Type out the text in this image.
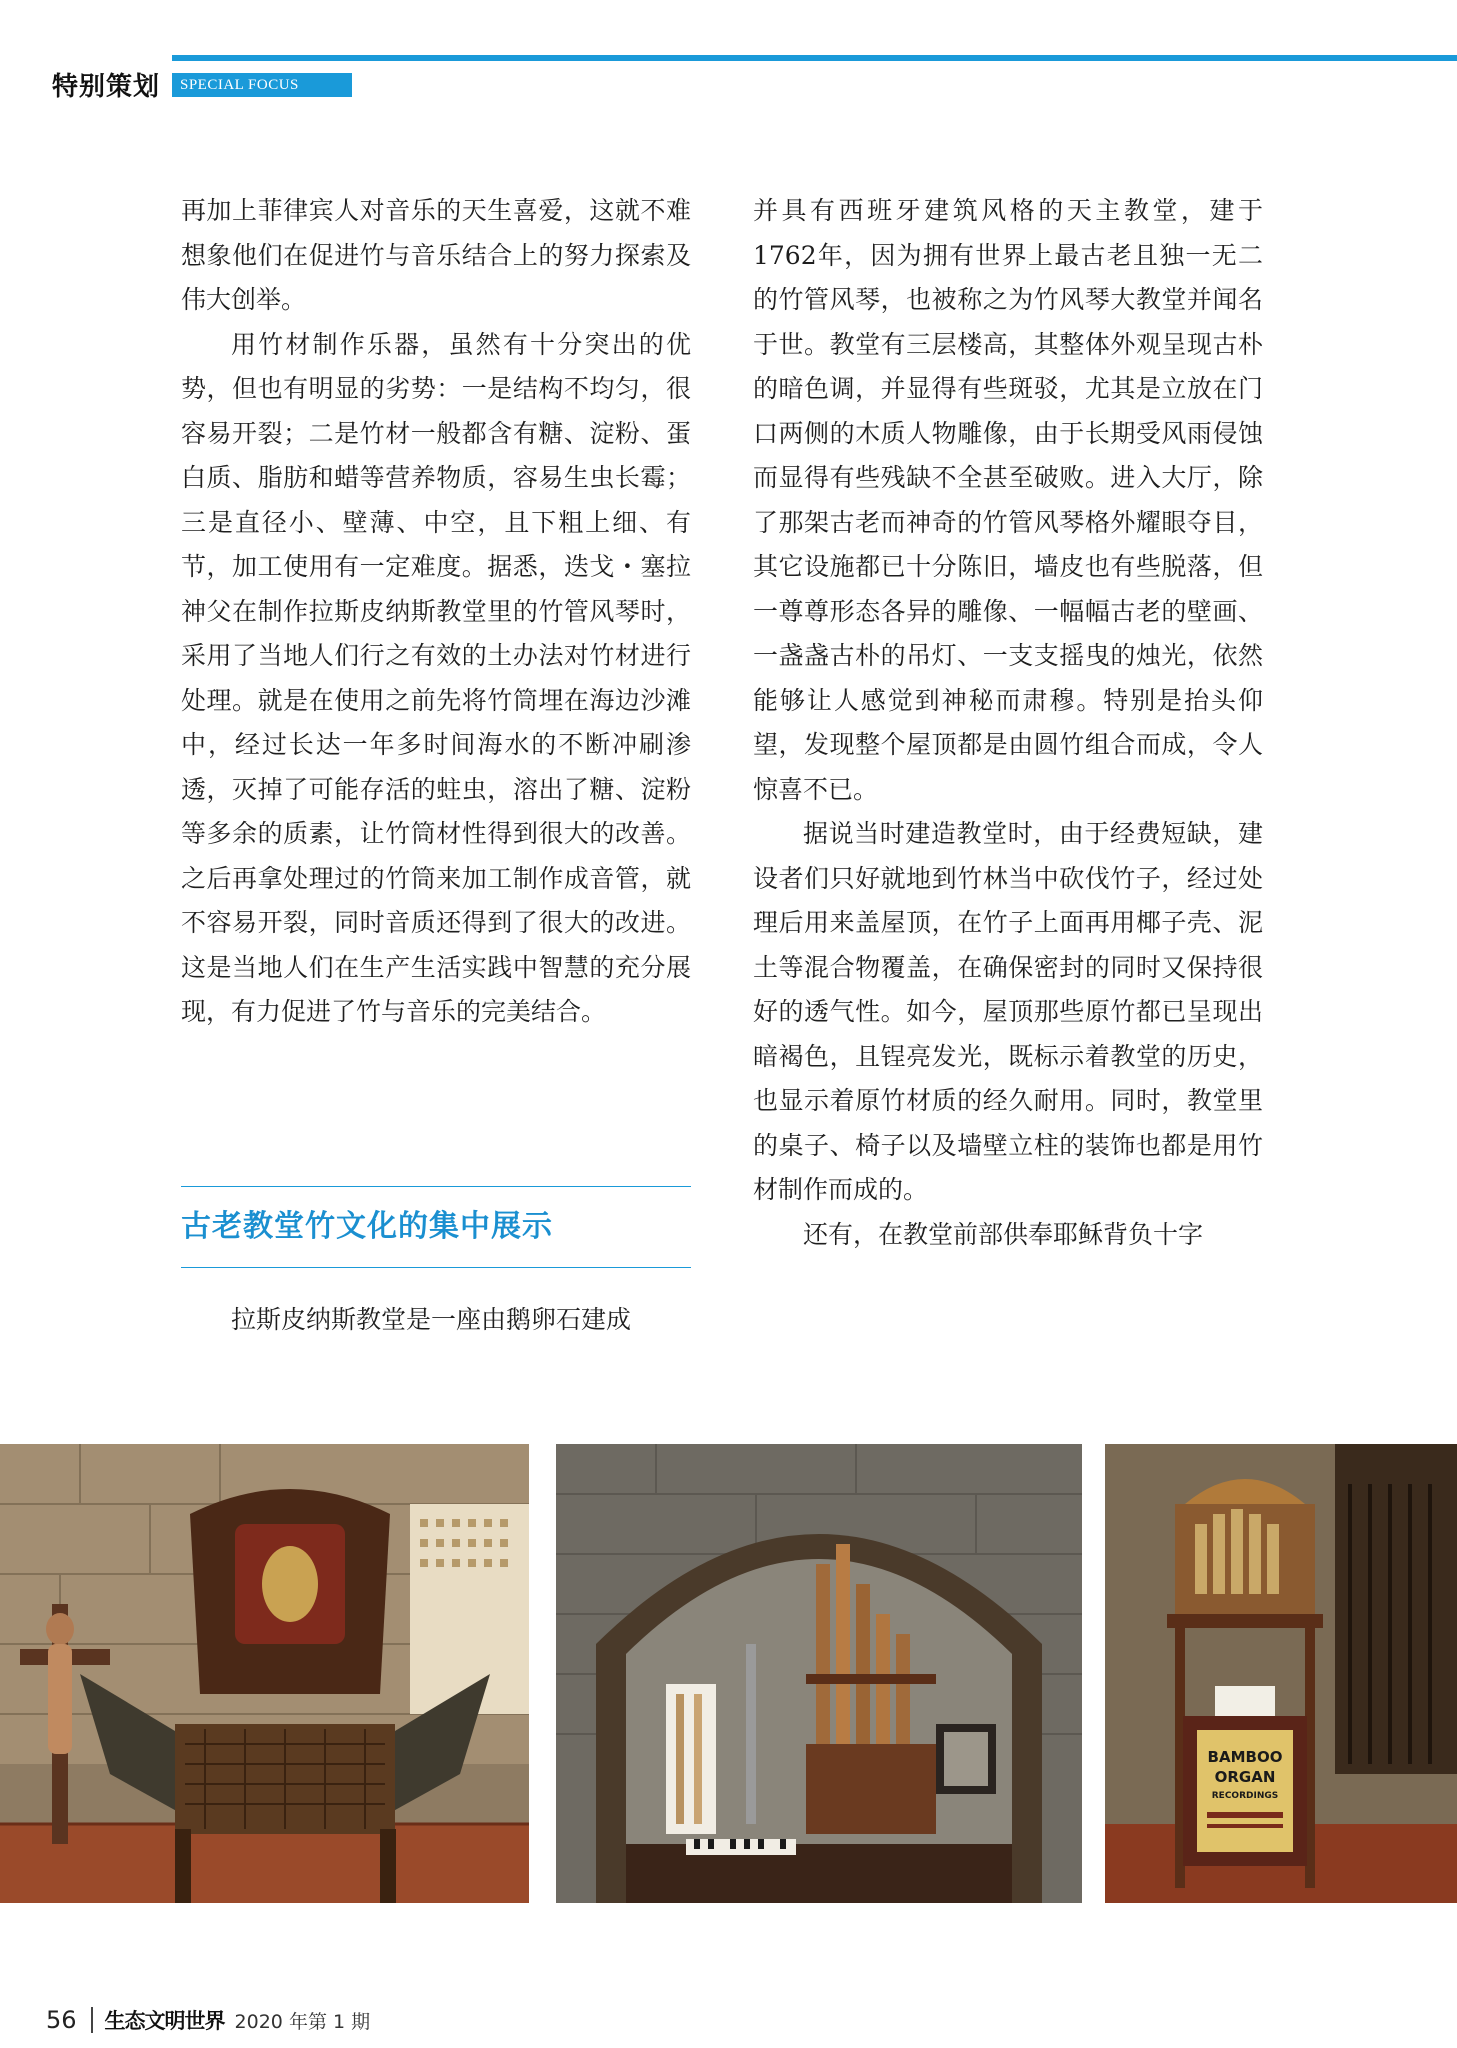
特别策划	SPECIAL FOCUS

再加上菲律宾人对音乐的天生喜爱，这就不难想象他们在促进竹与音乐结合上的努力探索及伟大创举。

用竹材制作乐器，虽然有十分突出的优势，但也有明显的劣势：一是结构不均匀，很容易开裂；二是竹材一般都含有糖、淀粉、蛋白质、脂肪和蜡等营养物质，容易生虫长霉；三是直径小、壁薄、中空，且下粗上细、有节，加工使用有一定难度。据悉，迭戈・塞拉神父在制作拉斯皮纳斯教堂里的竹管风琴时，采用了当地人们行之有效的土办法对竹材进行处理。就是在使用之前先将竹筒埋在海边沙滩中，经过长达一年多时间海水的不断冲刷渗透，灭掉了可能存活的蛀虫，溶出了糖、淀粉等多余的质素，让竹筒材性得到很大的改善。之后再拿处理过的竹筒来加工制作成音管，就不容易开裂，同时音质还得到了很大的改进。这是当地人们在生产生活实践中智慧的充分展现，有力促进了竹与音乐的完美结合。

古老教堂竹文化的集中展示

拉斯皮纳斯教堂是一座由鹅卵石建成

并具有西班牙建筑风格的天主教堂，建于1762年，因为拥有世界上最古老且独一无二的竹管风琴，也被称之为竹风琴大教堂并闻名于世。教堂有三层楼高，其整体外观呈现古朴的暗色调，并显得有些斑驳，尤其是立放在门口两侧的木质人物雕像，由于长期受风雨侵蚀而显得有些残缺不全甚至破败。进入大厅，除了那架古老而神奇的竹管风琴格外耀眼夺目，其它设施都已十分陈旧，墙皮也有些脱落，但一尊尊形态各异的雕像、一幅幅古老的壁画、一盏盏古朴的吊灯、一支支摇曳的烛光，依然能够让人感觉到神秘而肃穆。特别是抬头仰望，发现整个屋顶都是由圆竹组合而成，令人惊喜不已。

据说当时建造教堂时，由于经费短缺，建设者们只好就地到竹林当中砍伐竹子，经过处理后用来盖屋顶，在竹子上面再用椰子壳、泥土等混合物覆盖，在确保密封的同时又保持很好的透气性。如今，屋顶那些原竹都已呈现出暗褐色，且锃亮发光，既标示着教堂的历史，也显示着原竹材质的经久耐用。同时，教堂里的桌子、椅子以及墙壁立柱的装饰也都是用竹材制作而成的。

还有，在教堂前部供奉耶稣背负十字

BAMBOO
ORGAN
RECORDINGS
56 生态文明世界 2020 年第 1 期
